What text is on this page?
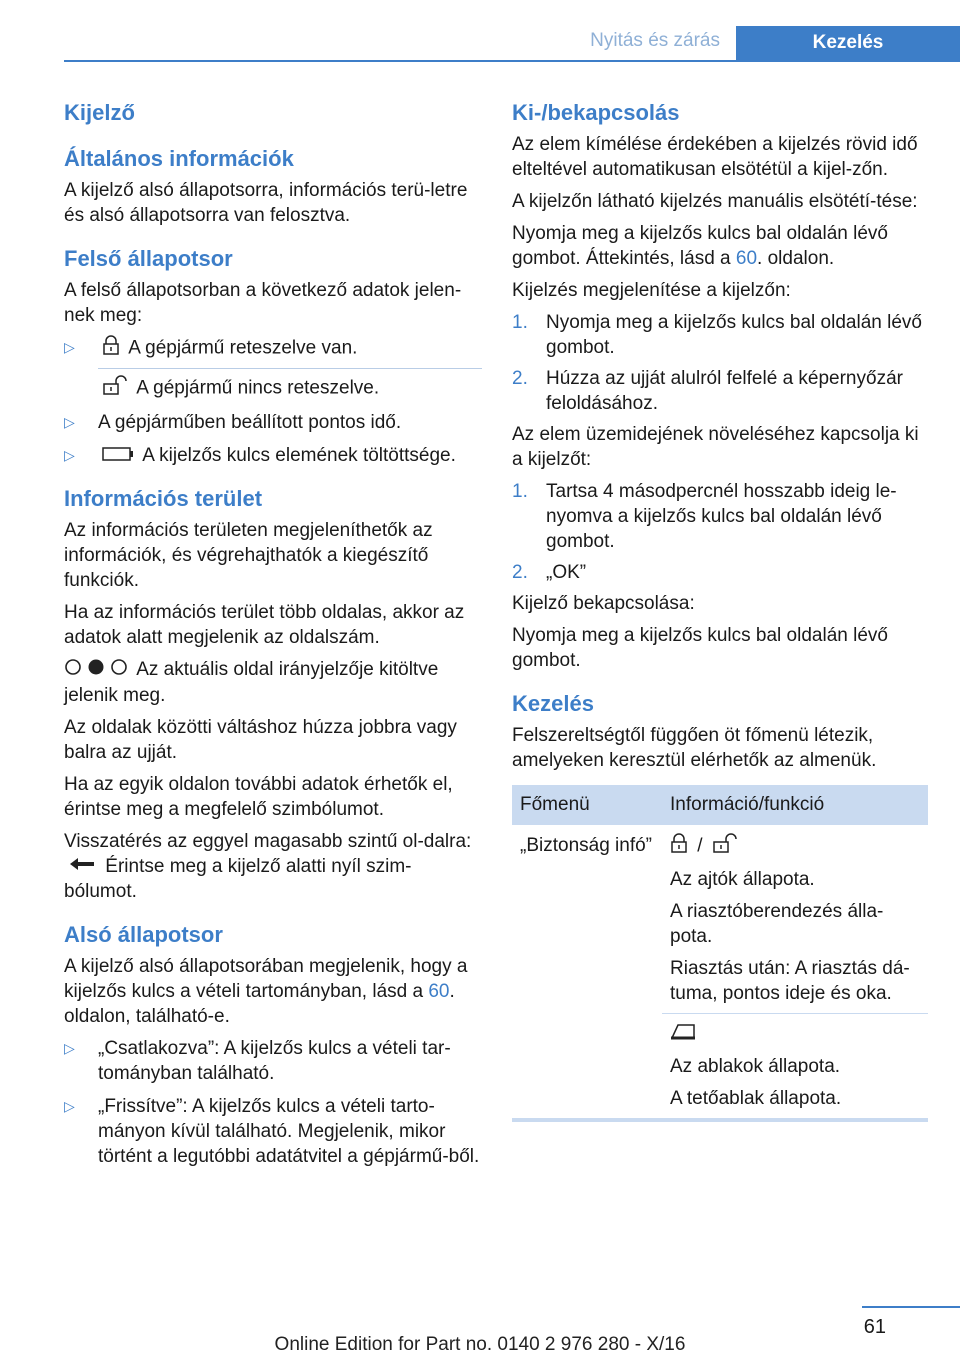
Nyitás és zárás	Kezelés
Kijelző
Általános információk

A kijelző alsó állapotsorra, információs terü-letre és alsó állapotsorra van felosztva.

Felső állapotsor

A felső állapotsorban a következő adatok jelen-nek meg:

▷	A gépjármű reteszelve van.
A gépjármű nincs reteszelve.
▷ A gépjárműben beállított pontos idő.
▷	A kijelzős kulcs elemének töltöttsége.
Információs terület

Az információs területen megjeleníthetők az információk, és végrehajthatók a kiegészítő funkciók.

Ha az információs terület több oldalas, akkor az adatok alatt megjelenik az oldalszám.

Az aktuális oldal irányjelzője kitöltve jelenik meg.

Az oldalak közötti váltáshoz húzza jobbra vagy balra az ujját.

Ha az egyik oldalon további adatok érhetők el, érintse meg a megfelelő szimbólumot.

Visszatérés az eggyel magasabb szintű ol-dalra:  Érintse meg a kijelző alatti nyíl szim-bólumot.

Alsó állapotsor

A kijelző alsó állapotsorában megjelenik, hogy a kijelzős kulcs a vételi tartományban, lásd a 60. oldalon, található-e.

▷ „Csatlakozva”: A kijelzős kulcs a vételi tar-tományban található.
▷ „Frissítve”: A kijelzős kulcs a vételi tarto-mányon kívül található. Megjelenik, mikor történt a legutóbbi adatátvitel a gépjármű-ből.
Ki-/bekapcsolás

Az elem kímélése érdekében a kijelzés rövid idő elteltével automatikusan elsötétül a kijel-zőn.

A kijelzőn látható kijelzés manuális elsötétí-tése:

Nyomja meg a kijelzős kulcs bal oldalán lévő gombot. Áttekintés, lásd a 60. oldalon.

Kijelzés megjelenítése a kijelzőn:

1. Nyomja meg a kijelzős kulcs bal oldalán lévő gombot.
2. Húzza az ujját alulról felfelé a képernyőzár feloldásához.

Az elem üzemidejének növeléséhez kapcsolja ki a kijelzőt:

1. Tartsa 4 másodpercnél hosszabb ideig le-nyomva a kijelzős kulcs bal oldalán lévő gombot.
2. „OK”

Kijelző bekapcsolása:

Nyomja meg a kijelzős kulcs bal oldalán lévő gombot.

Kezelés

Felszereltségtől függően öt főmenü létezik, amelyeken keresztül elérhetők az almenük.

Főmenü	Információ/funkció
„Biztonság infó”	/

Az ajtók állapota.

A riasztóberendezés álla-pota.

Riasztás után: A riasztás dá-tuma, pontos ideje és oka.

	Az ablakok állapota.

A tetőablak állapota.

61
Online Edition for Part no. 0140 2 976 280 - X/16
